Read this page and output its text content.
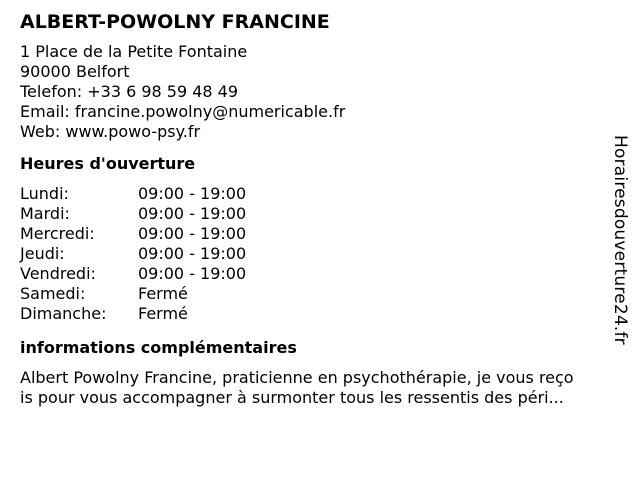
ALBERT-POWOLNY FRANCINE
1 Place de la Petite Fontaine
90000 Belfort
Telefon: +33 6 98 59 48 49
Email: francine.powolny@numericable.fr
Web: www.powo-psy.fr
Heures d'ouverture
Lundi:	09:00 - 19:00
Mardi:	09:00 - 19:00
Mercredi:	09:00 - 19:00
Jeudi:	09:00 - 19:00
Vendredi:	09:00 - 19:00
Samedi:	Fermé
Dimanche:	Fermé
informations complémentaires
Albert Powolny Francine, praticienne en psychothérapie, je vous reço
is pour vous accompagner à surmonter tous les ressentis des péri...
Horairesdouverture24.fr
